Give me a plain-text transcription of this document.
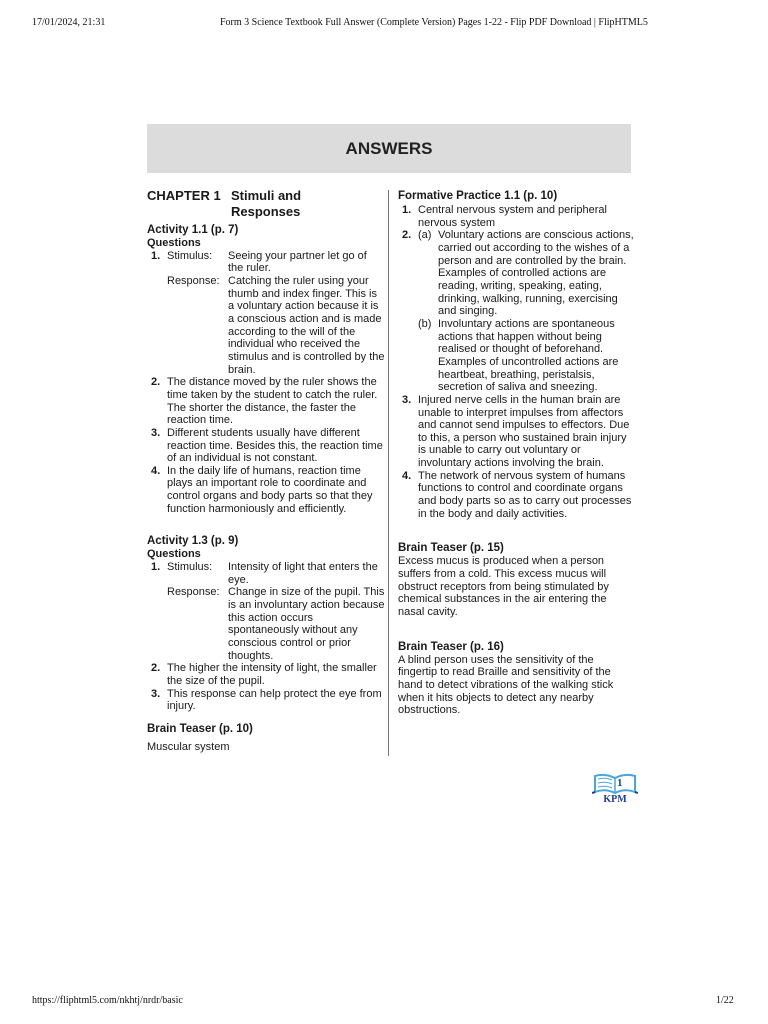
17/01/2024, 21:31	Form 3 Science Textbook Full Answer (Complete Version) Pages 1-22 - Flip PDF Download | FlipHTML5
ANSWERS
CHAPTER 1 Stimuli and
Responses
Activity 1.1 (p. 7)
Questions
1. Stimulus:	Seeing your partner let go of the ruler.
Response: Catching the ruler using your thumb and index finger. This is a voluntary action because it is a conscious action and is made according to the will of the individual who received the stimulus and is controlled by the brain.
2. The distance moved by the ruler shows the time taken by the student to catch the ruler. The shorter the distance, the faster the reaction time.
3. Different students usually have different reaction time. Besides this, the reaction time of an individual is not constant.
4. In the daily life of humans, reaction time plays an important role to coordinate and control organs and body parts so that they function harmoniously and efficiently.
Activity 1.3 (p. 9)
Questions
1. Stimulus:	Intensity of light that enters the eye.
Response: Change in size of the pupil. This is an involuntary action because this action occurs spontaneously without any conscious control or prior thoughts.
2. The higher the intensity of light, the smaller the size of the pupil.
3. This response can help protect the eye from injury.
Brain Teaser (p. 10)

Muscular system

Formative Practice 1.1 (p. 10)
1. Central nervous system and peripheral nervous system
2. (a) Voluntary actions are conscious actions, carried out according to the wishes of a person and are controlled by the brain.

Examples of controlled actions are reading, writing, speaking, eating, drinking, walking, running, exercising and singing.

(b) Involuntary actions are spontaneous actions that happen without being realised or thought of beforehand.

Examples of uncontrolled actions are heartbeat, breathing, peristalsis, secretion of saliva and sneezing.

3. Injured nerve cells in the human brain are unable to interpret impulses from affectors and cannot send impulses to effectors. Due to this, a person who sustained brain injury is unable to carry out voluntary or involuntary actions involving the brain.
4. The network of nervous system of humans functions to control and coordinate organs and body parts so as to carry out processes in the body and daily activities.
Brain Teaser (p. 15)

Excess mucus is produced when a person suffers from a cold. This excess mucus will obstruct receptors from being stimulated by chemical substances in the air entering the nasal cavity.

Brain Teaser (p. 16)

A blind person uses the sensitivity of the fingertip to read Braille and sensitivity of the hand to detect vibrations of the walking stick when it hits objects to detect any nearby obstructions.

1
KPM
https://fliphtml5.com/nkhtj/nrdr/basic	1/22
